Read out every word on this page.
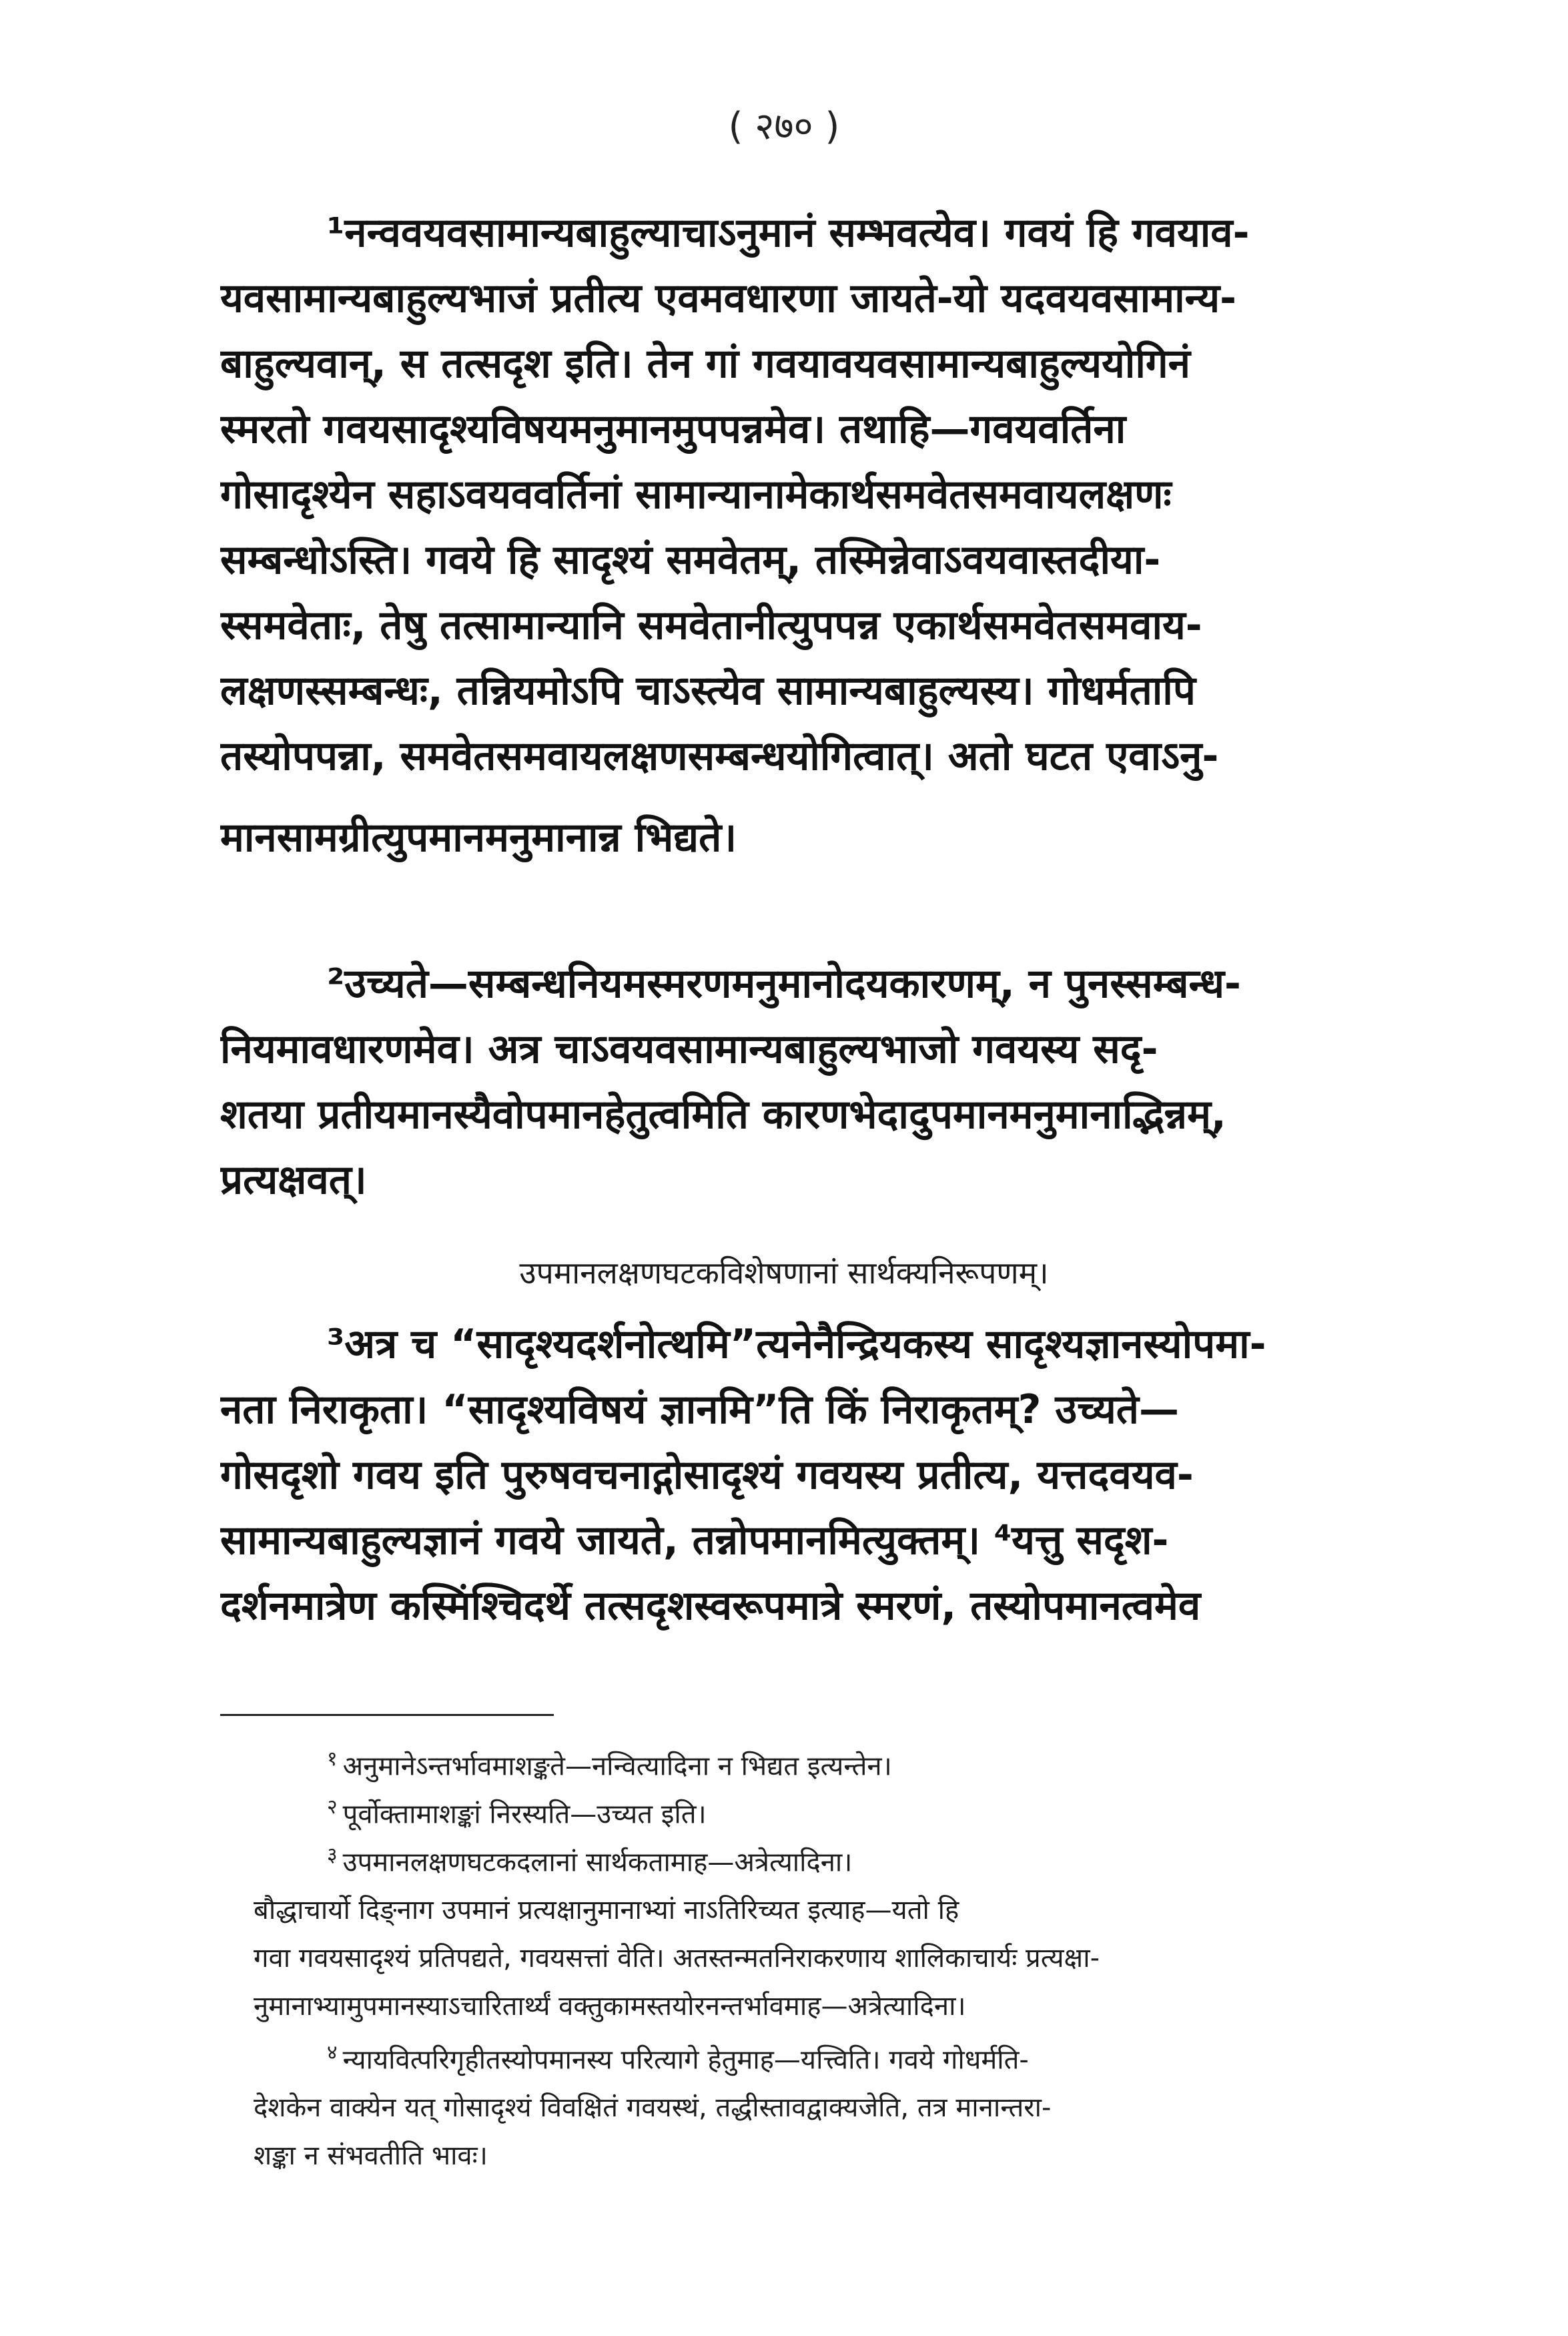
( २७० )
¹नन्ववयवसामान्यबाहुल्याचाऽनुमानं सम्भवत्येव। गवयं हि गवयाव-
यवसामान्यबाहुल्यभाजं प्रतीत्य एवमवधारणा जायते-यो यदवयवसामान्य-
बाहुल्यवान्, स तत्सदृश इति। तेन गां गवयावयवसामान्यबाहुल्ययोगिनं
स्मरतो गवयसादृश्यविषयमनुमानमुपपन्नमेव। तथाहि—गवयवर्तिना
गोसादृश्येन सहाऽवयववर्तिनां सामान्यानामेकार्थसमवेतसमवायलक्षणः
सम्बन्धोऽस्ति। गवये हि सादृश्यं समवेतम्, तस्मिन्नेवाऽवयवास्तदीया-
स्समवेताः, तेषु तत्सामान्यानि समवेतानीत्युपपन्न एकार्थसमवेतसमवाय-
लक्षणस्सम्बन्धः, तन्नियमोऽपि चाऽस्त्येव सामान्यबाहुल्यस्य। गोधर्मतापि
तस्योपपन्ना, समवेतसमवायलक्षणसम्बन्धयोगित्वात्। अतो घटत एवाऽनु-
मानसामग्रीत्युपमानमनुमानान्न भिद्यते।
²उच्यते—सम्बन्धनियमस्मरणमनुमानोदयकारणम्, न पुनस्सम्बन्ध-
नियमावधारणमेव। अत्र चाऽवयवसामान्यबाहुल्यभाजो गवयस्य सदृ-
शतया प्रतीयमानस्यैवोपमानहेतुत्वमिति कारणभेदादुपमानमनुमानाद्भिन्नम्,
प्रत्यक्षवत्।
उपमानलक्षणघटकविशेषणानां सार्थक्यनिरूपणम्।
³अत्र च “सादृश्यदर्शनोत्थमि”त्यनेनैन्द्रियकस्य सादृश्यज्ञानस्योपमा-
नता निराकृता। “सादृश्यविषयं ज्ञानमि”ति किं निराकृतम्? उच्यते—
गोसदृशो गवय इति पुरुषवचनाद्गोसादृश्यं गवयस्य प्रतीत्य, यत्तदवयव-
सामान्यबाहुल्यज्ञानं गवये जायते, तन्नोपमानमित्युक्तम्। ⁴यत्तु सदृश-
दर्शनमात्रेण कस्मिंश्चिदर्थे तत्सदृशस्वरूपमात्रे स्मरणं, तस्योपमानत्वमेव
$^१$ अनुमानेऽन्तर्भावमाशङ्कते—नन्वित्यादिना न भिद्यत इत्यन्तेन।
$^२$ पूर्वोक्तामाशङ्कां निरस्यति—उच्यत इति।
$^३$ उपमानलक्षणघटकदलानां सार्थकतामाह—अत्रेत्यादिना।
बौद्धाचार्यो दिङ्नाग उपमानं प्रत्यक्षानुमानाभ्यां नाऽतिरिच्यत इत्याह—यतो हि
गवा गवयसादृश्यं प्रतिपद्यते, गवयसत्तां वेति। अतस्तन्मतनिराकरणाय शालिकाचार्यः प्रत्यक्षा-
नुमानाभ्यामुपमानस्याऽचारितार्थ्यं वक्तुकामस्तयोरनन्तर्भावमाह—अत्रेत्यादिना।
$^४$ न्यायवित्परिगृहीतस्योपमानस्य परित्यागे हेतुमाह—यत्त्विति। गवये गोधर्मति-
देशकेन वाक्येन यत् गोसादृश्यं विवक्षितं गवयस्थं, तद्धीस्तावद्वाक्यजेति, तत्र मानान्तरा-
शङ्का न संभवतीति भावः।
